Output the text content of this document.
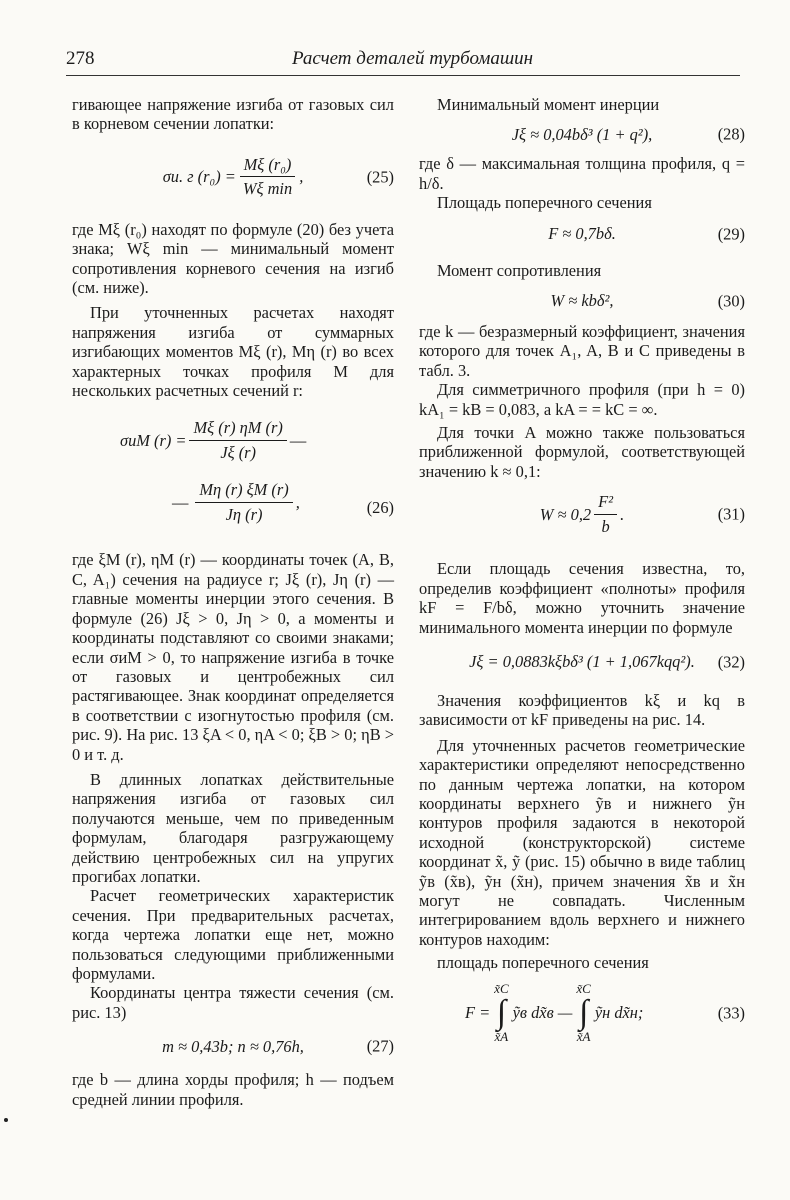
278	Расчет деталей турбомашин

гивающее напряжение изгиба от газовых сил в корневом сечении лопатки:

σи. г $(r_0) = \frac{\text{Mξ (r₀)}}{\text{Wξ min}}$ ,	(25)

где Mξ (r₀) находят по формуле (20) без учета знака; Wξ min — минимальный момент сопротивления корневого сечения на изгиб (см. ниже).

При уточненных расчетах находят напряжения изгиба от суммарных изгибающих моментов Mξ (r), Mη (r) во всех характерных точках профиля M для нескольких расчетных сечений r:

σиM $(r) = \frac{M\xi (r) \eta M (r)}{J\xi (r)}$ —
— $\frac{M\eta (r) \xi M (r)}{J\eta (r)}$ ,	(26)

где ξM (r), ηM (r) — координаты точек (A, B, C, A₁) сечения на радиусе r; Jξ (r), Jη (r) — главные моменты инерции этого сечения. В формуле (26) Jξ > 0, Jη > 0, а моменты и координаты подставляют со своими знаками; если σиM > 0, то напряжение изгиба в точке от газовых и центробежных сил растягивающее. Знак координат определяется в соответствии с изогнутостью профиля (см. рис. 9). На рис. 13 ξA < 0, ηA < 0; ξB > 0; ηB > 0 и т. д.

В длинных лопатках действительные напряжения изгиба от газовых сил получаются меньше, чем по приведенным формулам, благодаря разгружающему действию центробежных сил на упругих прогибах лопатки.

Расчет геометрических характеристик сечения. При предварительных расчетах, когда чертежа лопатки еще нет, можно пользоваться следующими приближенными формулами.

Координаты центра тяжести сечения (см. рис. 13)

m ≈ 0,43b; n ≈ 0,76h,	(27)

где b — длина хорды профиля; h — подъем средней линии профиля.

Минимальный момент инерции

Jξ ≈ 0,04bδ³ (1 + q²),	(28)

где δ — максимальная толщина профиля, q = h/δ.

Площадь поперечного сечения

F ≈ 0,7bδ.	(29)

Момент сопротивления

W ≈ kbδ²,	(30)

где k — безразмерный коэффициент, значения которого для точек A₁, A, B и C приведены в табл. 3.

Для симметричного профиля (при h = 0) kA₁ = kB = 0,083, а kA = = kC = ∞.

Для точки A можно также пользоваться приближенной формулой, соответствующей значению k ≈ 0,1:

$W \approx 0,2 \frac{\text{F²}}{b}$ .	(31)

Если площадь сечения известна, то, определив коэффициент «полноты» профиля kF = F/bδ, можно уточнить значение минимального момента инерции по формуле

Jξ = 0,0883kξbδ³ (1 + 1,067kqq²). (32)

Значения коэффициентов kξ и kq в зависимости от kF приведены на рис. 14.

Для уточненных расчетов геометрические характеристики определяют непосредственно по данным чертежа лопатки, на котором координаты верхнего ỹв и нижнего ỹн контуров профиля задаются в некоторой исходной (конструкторской) системе координат x̃, ỹ (рис. 15) обычно в виде таблиц ỹв (x̃в), ỹн (x̃н), причем значения x̃в и x̃н могут не совпадать. Численным интегрированием вдоль верхнего и нижнего контуров находим:

площадь поперечного сечения

F =
x̃C
∫
x̃A
ỹв dx̃в —
x̃C
∫
x̃A
ỹн dx̃н;	(33)
